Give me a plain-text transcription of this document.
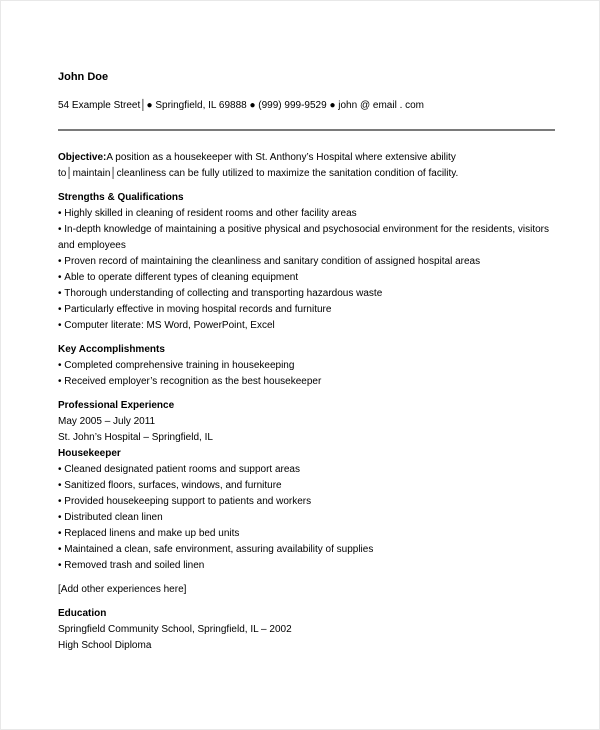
John Doe
54 Example Street│● Springfield, IL 69888 ● (999) 999-9529 ● john @ email . com
Objective:A position as a housekeeper with St. Anthony’s Hospital where extensive ability to│maintain│cleanliness can be fully utilized to maximize the sanitation condition of facility.
Strengths & Qualifications
• Highly skilled in cleaning of resident rooms and other facility areas
• In-depth knowledge of maintaining a positive physical and psychosocial environment for the residents, visitors and employees
• Proven record of maintaining the cleanliness and sanitary condition of assigned hospital areas
• Able to operate different types of cleaning equipment
• Thorough understanding of collecting and transporting hazardous waste
• Particularly effective in moving hospital records and furniture
• Computer literate: MS Word, PowerPoint, Excel
Key Accomplishments
• Completed comprehensive training in housekeeping
• Received employer’s recognition as the best housekeeper
Professional Experience
May 2005 – July 2011
St. John’s Hospital – Springfield, IL
Housekeeper
• Cleaned designated patient rooms and support areas
• Sanitized floors, surfaces, windows, and furniture
• Provided housekeeping support to patients and workers
• Distributed clean linen
• Replaced linens and make up bed units
• Maintained a clean, safe environment, assuring availability of supplies
• Removed trash and soiled linen
[Add other experiences here]
Education
Springfield Community School, Springfield, IL – 2002
High School Diploma
